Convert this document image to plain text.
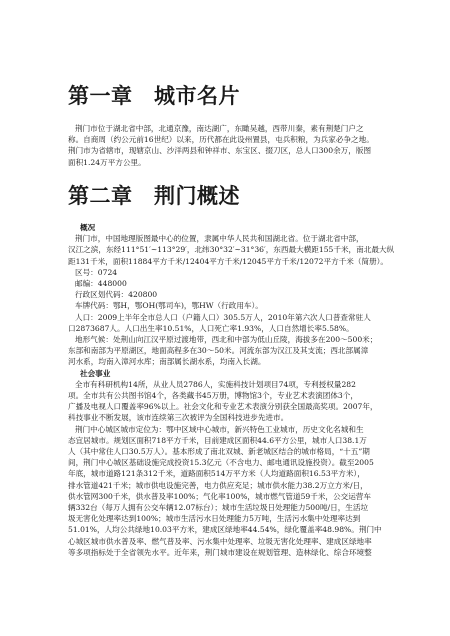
第一章　城市名片

荆门市位于湖北省中部，北通京豫，南达湖广，东瞰吴越，西带川秦，素有荆楚门户之

称。自商周（约公元前16世纪）以来，历代都在此设州置县，屯兵积粮，为兵家必争之地。

荆门市为省辖市，现辖京山、沙洋两县和钟祥市、东宝区、掇刀区，总人口300余万，版图

面积1.24万平方公里。

第二章　荆门概述

概况

荆门市，中国地理版图最中心的位置，隶属中华人民共和国湖北省。位于湖北省中部，

汉江之滨，东经111°51′~113°29′，北纬30°32′~31°36′，东西最大横距155千米，南北最大纵

距131千米，面积11884平方千米/12404平方千米/12045平方千米/12072平方千米（简册）。

区号：0724

邮编：448000

行政区划代码：420800

车牌代码：鄂H，鄂OH(鄂司车)，鄂HW（行政用车）。

人口：2009上半年全市总人口（户籍人口）305.5万人，2010年第六次人口普查常驻人

口2873687人。人口出生率10.51%，人口死亡率1.93%，人口自然增长率5.58%。

地形气候：处荆山向江汉平原过渡地带，西北和中部为低山丘陵，海拔多在200～500米；

东部和南部为平原湖区，地面高程多在30～50米。河流东部为汉江及其支流；西北部属漳

河水系，均南入漳河水库；南部属长湖水系，均南入长湖。

社会事业

全市有科研机构14所，从业人员2786人，实施科技计划项目74项，专利授权量282

项。全市共有公共图书馆4个，各类藏书45万册，博物馆3个，专业艺术表演团体3个，

广播及电视人口覆盖率96%以上。社会文化和专业艺术表演分别获全国最高奖项。2007年，

科技事业不断发展，该市连续第三次被评为全国科技进步先进市。

荆门中心城区城市定位为：鄂中区域中心城市，新兴特色工业城市，历史文化名城和生

态宜居城市。规划区面积718平方千米，目前建成区面积44.6平方公里，城市人口38.1万

人（其中常住人口30.5万人）。基本形成了南北双城、新老城区结合的城市格局，“十五”期

间，荆门中心城区基础设施完成投资15.3亿元（不含电力、邮电通讯设施投资）。截至2005

年底，城市道路121条312千米，道路面积514万平方米（人均道路面积16.53平方米），

排水管道421千米；城市供电设施完善，电力供应充足；城市供水能力38.2万立方米/日，

供水管网300千米，供水普及率100%；气化率100%，城市燃气管道59千米，公交运营车

辆332台（每万人拥有公交车辆12.07标台）；城市生活垃圾日处理能力500吨/日，生活垃

圾无害化处理率达到100%；城市生活污水日处理能力5万吨，生活污水集中处理率达到

51.01%，人均公共绿地10.03平方米，建成区绿地率44.54%，绿化覆盖率48.98%。荆门中

心城区城市供水普及率、燃气普及率、污水集中处理率、垃圾无害化处理率、建成区绿地率

等多项指标处于全省领先水平。近年来，荆门城市建设在规划管理、造林绿化、综合环境整
